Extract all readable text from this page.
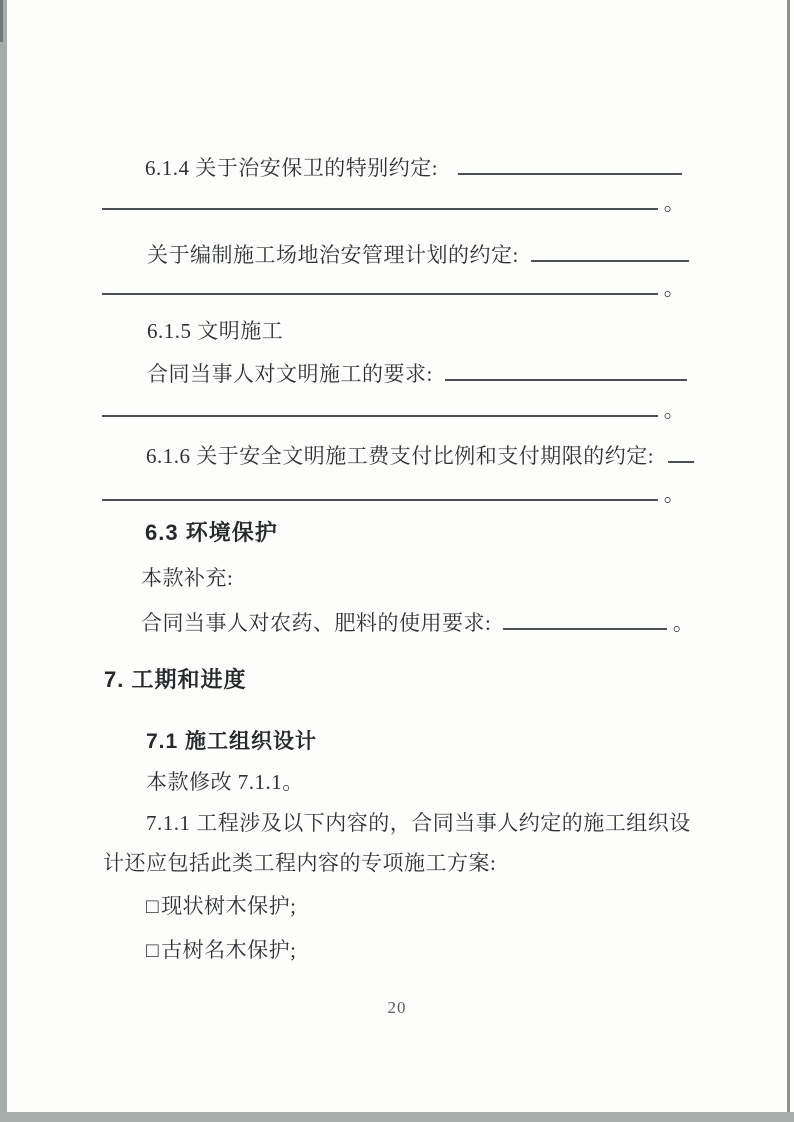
6.1.4 关于治安保卫的特别约定:
。
关于编制施工场地治安管理计划的约定:
。
6.1.5 文明施工
合同当事人对文明施工的要求:
。
6.1.6 关于安全文明施工费支付比例和支付期限的约定:
。
6.3 环境保护
本款补充:
合同当事人对农药、肥料的使用要求:	。
7. 工期和进度
7.1 施工组织设计
本款修改 7.1.1。
7.1.1 工程涉及以下内容的，合同当事人约定的施工组织设
计还应包括此类工程内容的专项施工方案:
□现状树木保护;
□古树名木保护;
20
